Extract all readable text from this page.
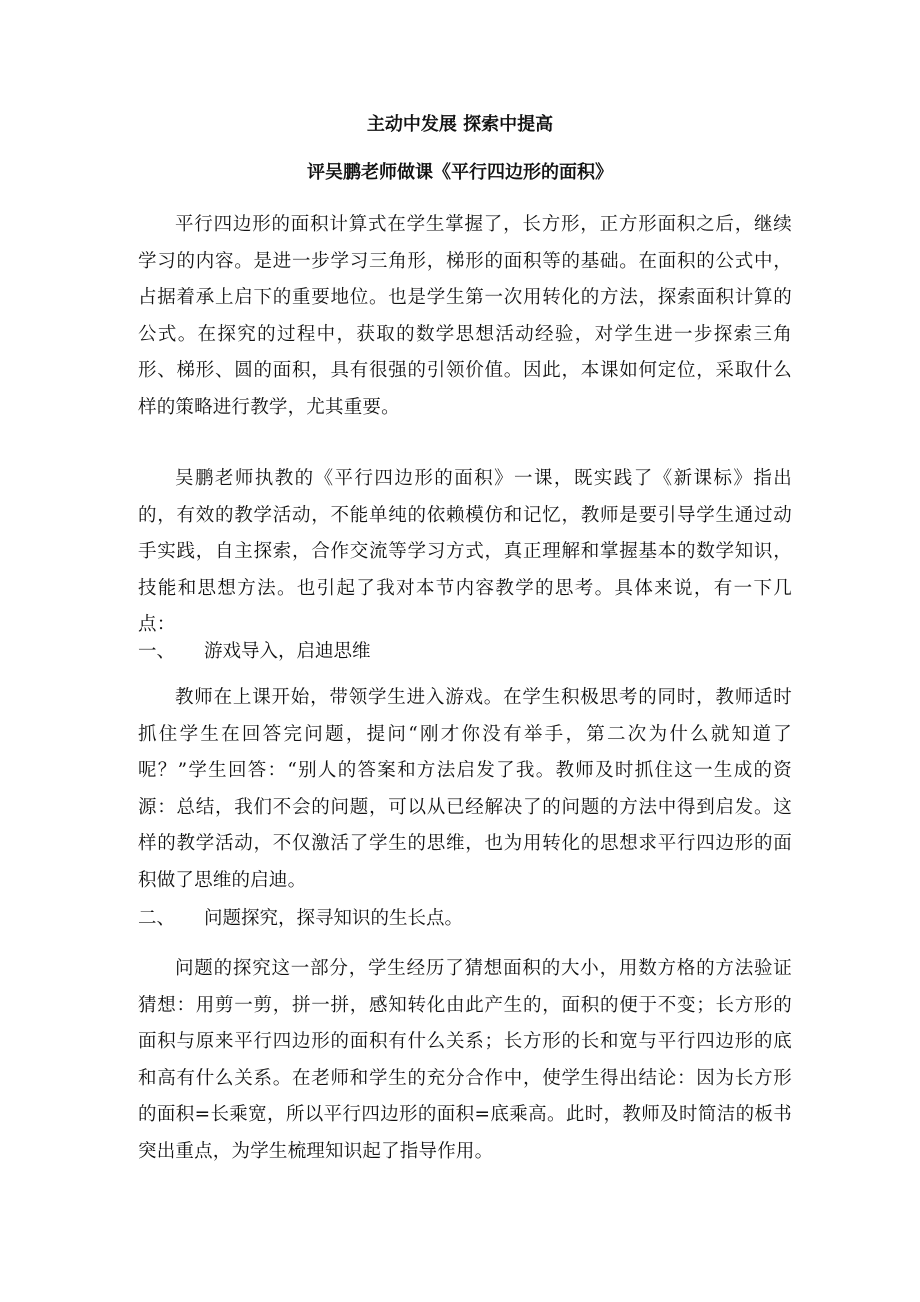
主动中发展 探索中提高
评吴鹏老师做课《平行四边形的面积》

平行四边形的面积计算式在学生掌握了，长方形，正方形面积之后，继续学习的内容。是进一步学习三角形，梯形的面积等的基础。在面积的公式中，占据着承上启下的重要地位。也是学生第一次用转化的方法，探索面积计算的公式。在探究的过程中，获取的数学思想活动经验，对学生进一步探索三角形、梯形、圆的面积，具有很强的引领价值。因此，本课如何定位，采取什么样的策略进行教学，尤其重要。

吴鹏老师执教的《平行四边形的面积》一课，既实践了《新课标》指出的，有效的教学活动，不能单纯的依赖模仿和记忆，教师是要引导学生通过动手实践，自主探索，合作交流等学习方式，真正理解和掌握基本的数学知识，技能和思想方法。也引起了我对本节内容教学的思考。具体来说，有一下几点：

一、 游戏导入，启迪思维

教师在上课开始，带领学生进入游戏。在学生积极思考的同时，教师适时抓住学生在回答完问题，提问“刚才你没有举手，第二次为什么就知道了呢？”学生回答：“别人的答案和方法启发了我。教师及时抓住这一生成的资源：总结，我们不会的问题，可以从已经解决了的问题的方法中得到启发。这样的教学活动，不仅激活了学生的思维，也为用转化的思想求平行四边形的面积做了思维的启迪。

二、 问题探究，探寻知识的生长点。

问题的探究这一部分，学生经历了猜想面积的大小，用数方格的方法验证猜想：用剪一剪，拼一拼，感知转化由此产生的，面积的便于不变；长方形的面积与原来平行四边形的面积有什么关系；长方形的长和宽与平行四边形的底和高有什么关系。在老师和学生的充分合作中，使学生得出结论：因为长方形的面积=长乘宽，所以平行四边形的面积=底乘高。此时，教师及时简洁的板书突出重点，为学生梳理知识起了指导作用。
